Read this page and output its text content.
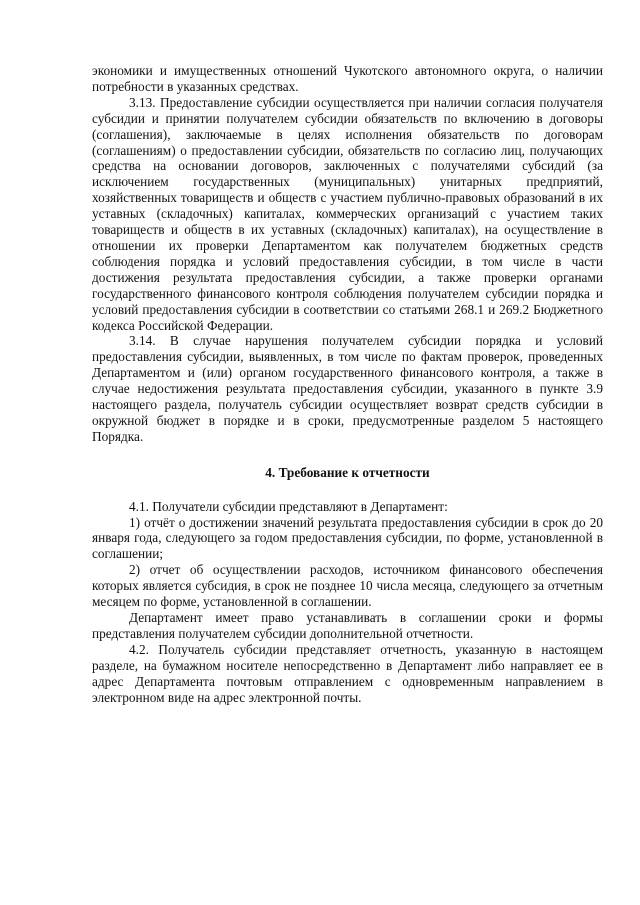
экономики и имущественных отношений Чукотского автономного округа, о наличии потребности в указанных средствах.

3.13. Предоставление субсидии осуществляется при наличии согласия получателя субсидии и принятии получателем субсидии обязательств по включению в договоры (соглашения), заключаемые в целях исполнения обязательств по договорам (соглашениям) о предоставлении субсидии, обязательств по согласию лиц, получающих средства на основании договоров, заключенных с получателями субсидий (за исключением государственных (муниципальных) унитарных предприятий, хозяйственных товариществ и обществ с участием публично-правовых образований в их уставных (складочных) капиталах, коммерческих организаций с участием таких товариществ и обществ в их уставных (складочных) капиталах), на осуществление в отношении их проверки Департаментом как получателем бюджетных средств соблюдения порядка и условий предоставления субсидии, в том числе в части достижения результата предоставления субсидии, а также проверки органами государственного финансового контроля соблюдения получателем субсидии порядка и условий предоставления субсидии в соответствии со статьями 268.1 и 269.2 Бюджетного кодекса Российской Федерации.

3.14. В случае нарушения получателем субсидии порядка и условий предоставления субсидии, выявленных, в том числе по фактам проверок, проведенных Департаментом и (или) органом государственного финансового контроля, а также в случае недостижения результата предоставления субсидии, указанного в пункте 3.9 настоящего раздела, получатель субсидии осуществляет возврат средств субсидии в окружной бюджет в порядке и в сроки, предусмотренные разделом 5 настоящего Порядка.

4. Требование к отчетности

4.1. Получатели субсидии представляют в Департамент:

1) отчёт о достижении значений результата предоставления субсидии в срок до 20 января года, следующего за годом предоставления субсидии, по форме, установленной в соглашении;

2) отчет об осуществлении расходов, источником финансового обеспечения которых является субсидия, в срок не позднее 10 числа месяца, следующего за отчетным месяцем по форме, установленной в соглашении.

Департамент имеет право устанавливать в соглашении сроки и формы представления получателем субсидии дополнительной отчетности.

4.2. Получатель субсидии представляет отчетность, указанную в настоящем разделе, на бумажном носителе непосредственно в Департамент либо направляет ее в адрес Департамента почтовым отправлением с одновременным направлением в электронном виде на адрес электронной почты.
